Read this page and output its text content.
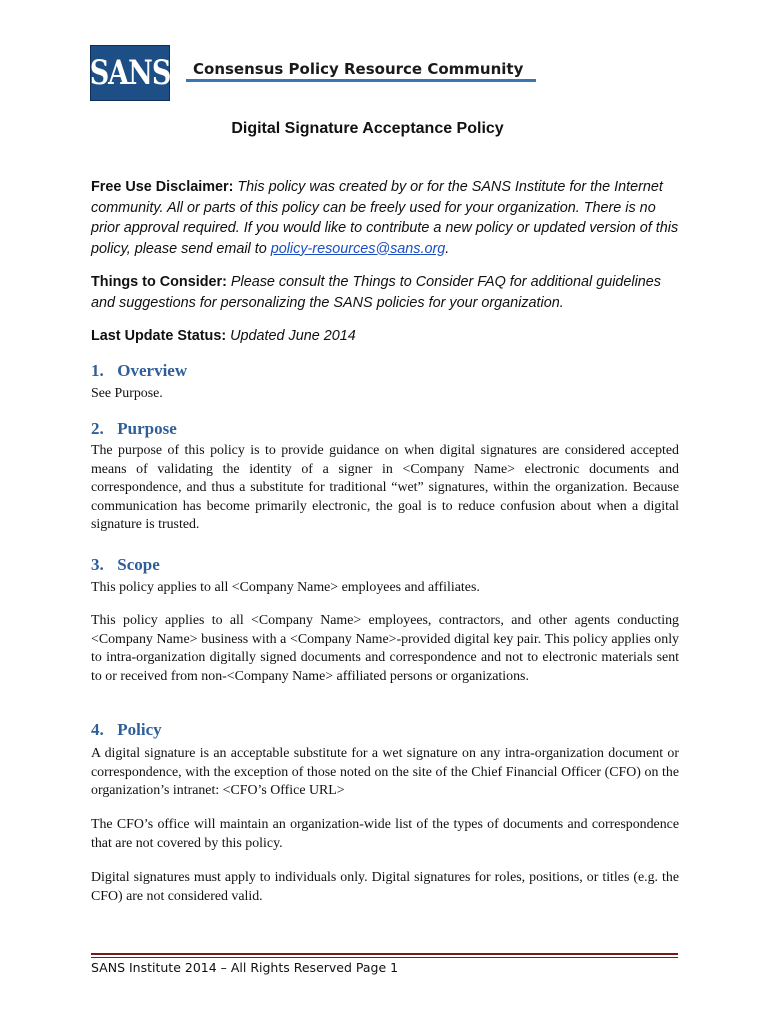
SANS Consensus Policy Resource Community
Digital Signature Acceptance Policy
Free Use Disclaimer: This policy was created by or for the SANS Institute for the Internet community. All or parts of this policy can be freely used for your organization. There is no prior approval required. If you would like to contribute a new policy or updated version of this policy, please send email to policy-resources@sans.org.
Things to Consider: Please consult the Things to Consider FAQ for additional guidelines and suggestions for personalizing the SANS policies for your organization.
Last Update Status: Updated June 2014
1. Overview
See Purpose.
2. Purpose
The purpose of this policy is to provide guidance on when digital signatures are considered accepted means of validating the identity of a signer in <Company Name> electronic documents and correspondence, and thus a substitute for traditional “wet” signatures, within the organization. Because communication has become primarily electronic, the goal is to reduce confusion about when a digital signature is trusted.
3. Scope
This policy applies to all <Company Name> employees and affiliates.
This policy applies to all <Company Name> employees, contractors, and other agents conducting <Company Name> business with a <Company Name>-provided digital key pair. This policy applies only to intra-organization digitally signed documents and correspondence and not to electronic materials sent to or received from non-<Company Name> affiliated persons or organizations.
4. Policy
A digital signature is an acceptable substitute for a wet signature on any intra-organization document or correspondence, with the exception of those noted on the site of the Chief Financial Officer (CFO) on the organization’s intranet: <CFO’s Office URL>
The CFO’s office will maintain an organization-wide list of the types of documents and correspondence that are not covered by this policy.
Digital signatures must apply to individuals only. Digital signatures for roles, positions, or titles (e.g. the CFO) are not considered valid.
SANS Institute 2014 – All Rights Reserved Page 1
